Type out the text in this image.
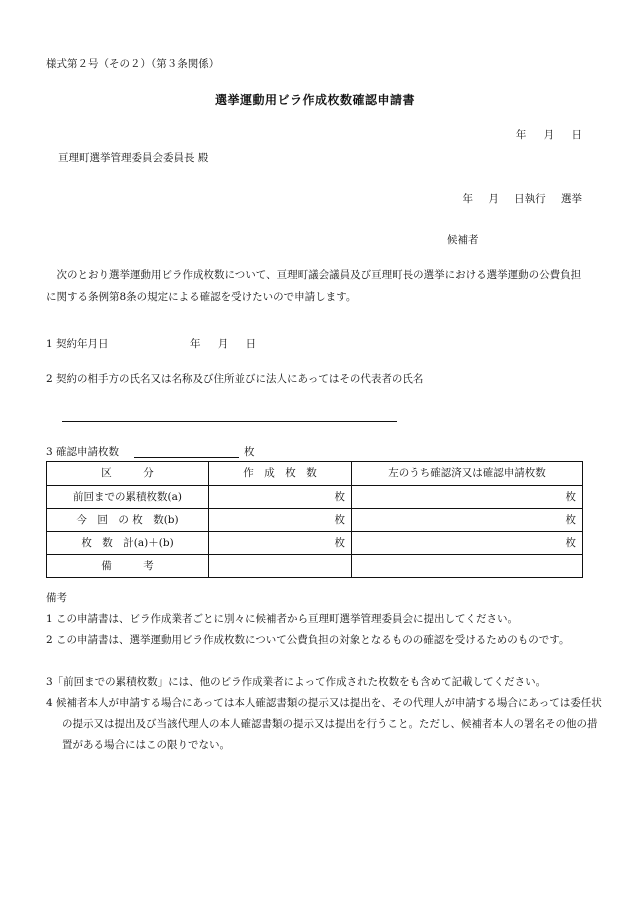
様式第２号（その２）（第３条関係）
選挙運動用ビラ作成枚数確認申請書
年 月 日
亘理町選挙管理委員会委員長 殿
年 月 日執行 選挙
候補者
次のとおり選挙運動用ビラ作成枚数について、亘理町議会議員及び亘理町長の選挙における選挙運動の公費負担に関する条例第8条の規定による確認を受けたいので申請します。
1 契約年月日	年 月 日
2 契約の相手方の氏名又は名称及び住所並びに法人にあってはその代表者の氏名
3 確認申請枚数	枚
区　　　分	作　成　枚　数	左のうち確認済又は確認申請枚数
前回までの累積枚数(a)	枚	枚
今　回　の 枚　数(b)	枚	枚
枚　数　計(a)＋(b)	枚	枚
備　　　考		
備考
1 この申請書は、ビラ作成業者ごとに別々に候補者から亘理町選挙管理委員会に提出してください。
2 この申請書は、選挙運動用ビラ作成枚数について公費負担の対象となるものの確認を受けるためのものです。
3「前回までの累積枚数」には、他のビラ作成業者によって作成された枚数をも含めて記載してください。
4 候補者本人が申請する場合にあっては本人確認書類の提示又は提出を、その代理人が申請する場合にあっては委任状の提示又は提出及び当該代理人の本人確認書類の提示又は提出を行うこと。ただし、候補者本人の署名その他の措置がある場合にはこの限りでない。
